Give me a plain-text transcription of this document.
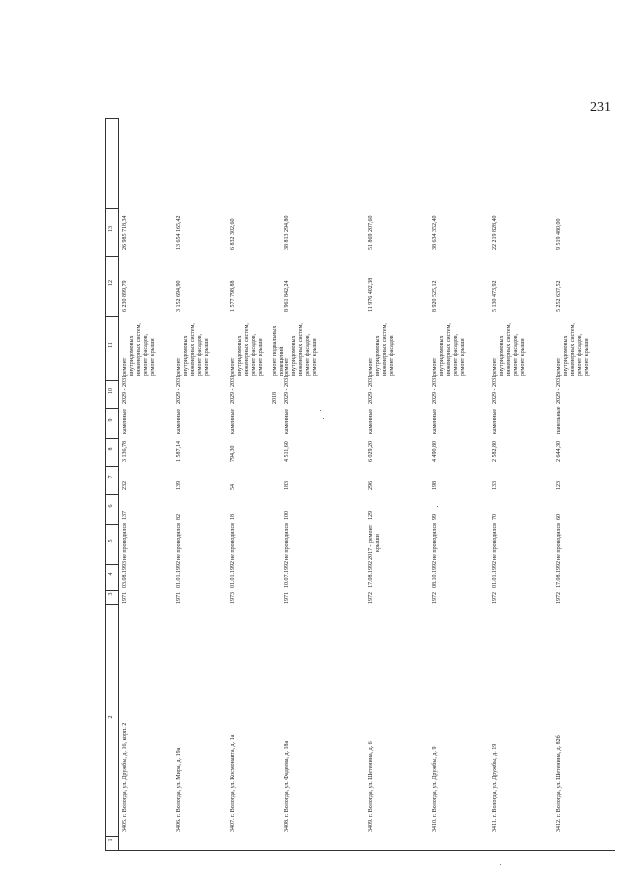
231
1
2
3
4
5
6
7
8
9
10
11
12
13
3405. г. Вологда, ул. Дружбы, д. 16, корп. 2
1971
03.08.1993
не проводился
137
232
3 136,78
каменные
2029 - 2031
ремонт внутридомовых инженерных систем, ремонт фасадов, ремонт крыши
6 230 899,79
26 985 718,34
3406. г. Вологда, ул. Мира, д. 19а
1971
01.01.1992
не проводился
82
139
1 587,14
каменные
2029 - 2031
ремонт внутридомовых инженерных систем, ремонт фасадов, ремонт крыши
3 152 694,90
13 654 165,42
3407. г. Вологда, ул. Космонавта, д. 1а
1973
01.01.1992
не проводился
18
54
794,30
каменные
2029 - 2031
ремонт внутридомовых инженерных систем, ремонт фасадов, ремонт крыши
2018
ремонт подвальных помещений
1 577 798,88
6 832 302,60
3408. г. Вологда, ул. Фадеева, д. 18а
1971
10.07.1992
не проводился
100
183
4 511,60
каменные
2029 - 2031
ремонт внутридомовых инженерных систем, ремонт фасадов, ремонт крыши
8 961 842,24
38 813 294,80
3409. г. Вологда, ул. Шетенина, д. 6
1972
17.08.1992
2017 - ремонт крыши
129
296
6 029,20
каменные
2029 - 2031
ремонт внутридомовых инженерных систем, ремонт фасадов
11 976 402,38
51 869 207,60
3410. г. Вологда, ул. Дружбы, д. 9
1972
08.10.1992
не проводился
99
198
4 490,80
каменные
2029 - 2031
ремонт внутридомовых инженерных систем, ремонт фасадов, ремонт крыши
8 920 525,12
38 634 352,40
3411. г. Вологда, ул. Дружбы, д. 19
1972
01.01.1992
не проводился
70
133
2 582,80
каменные
2029 - 2031
ремонт внутридомовых инженерных систем, ремонт фасадов, ремонт крыши
5 130 473,92
22 219 828,40
3412. г. Вологда, ул. Шетенина, д. 82б
1972
17.08.1992
не проводился
60
123
2 644,30
панельные
2029 - 2031
ремонт внутридомовых инженерных систем, ремонт фасадов, ремонт крыши
5 252 637,52
9 519 480,00
